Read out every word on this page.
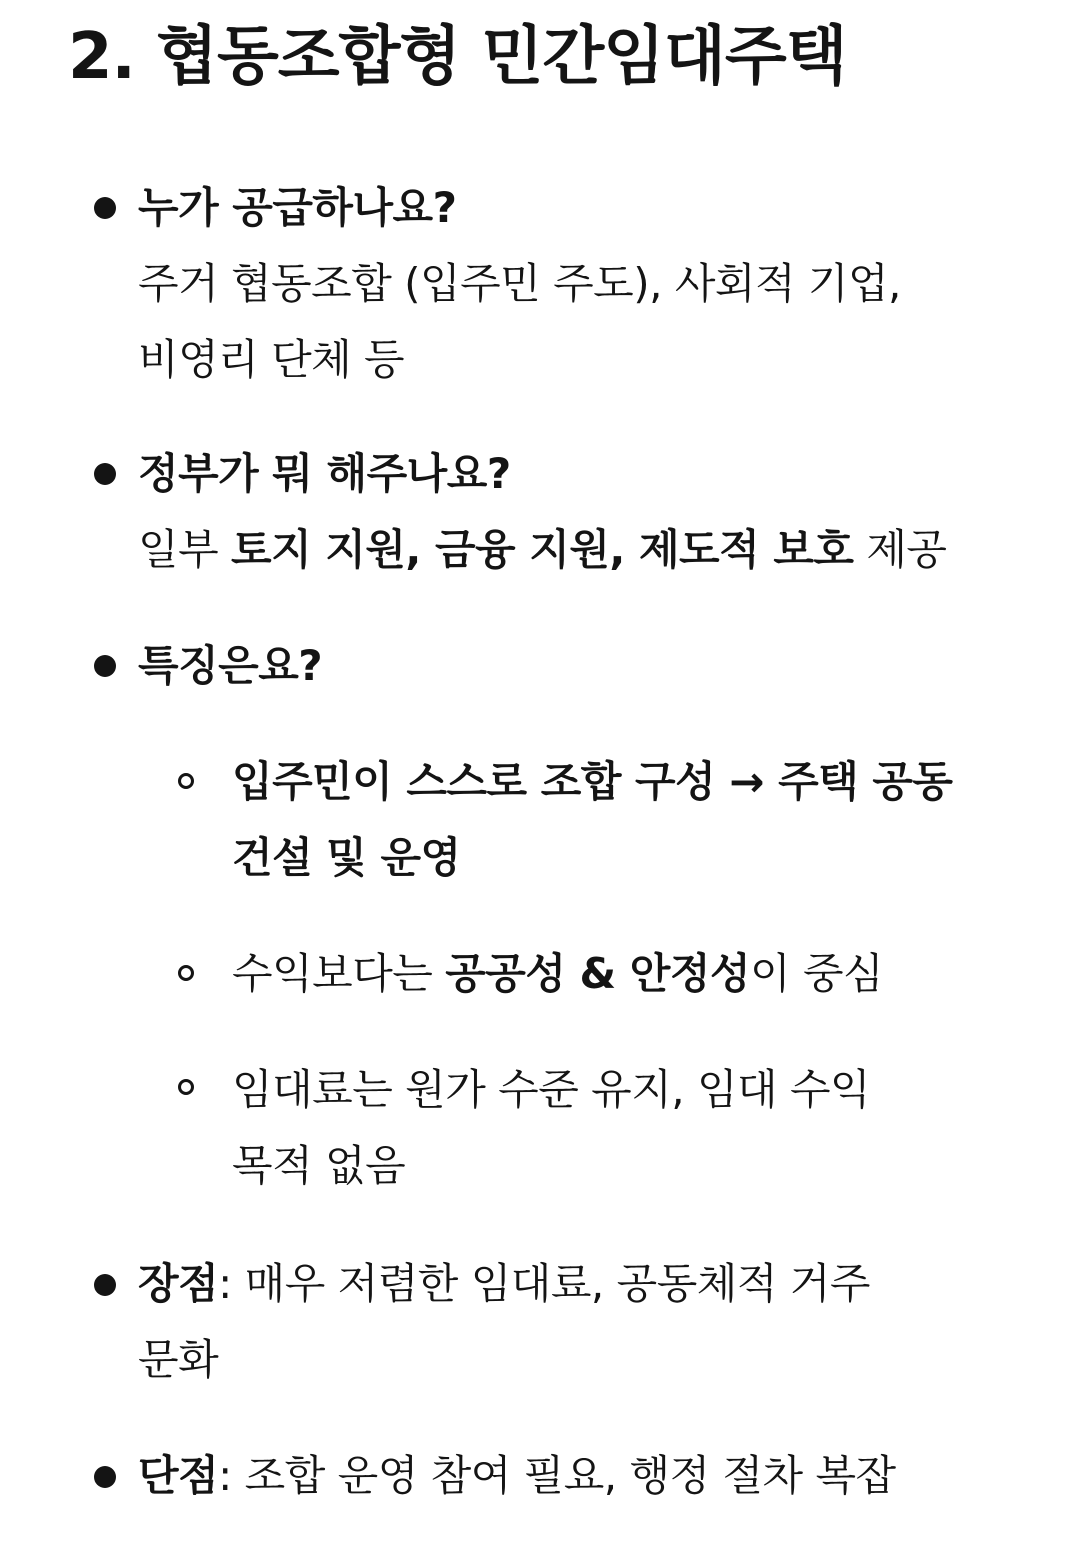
2. 협동조합형 민간임대주택

누가 공급하나요?

주거 협동조합 (입주민 주도), 사회적 기업,

비영리 단체 등

정부가 뭐 해주나요?

일부 토지 지원, 금융 지원, 제도적 보호 제공

특징은요?

입주민이 스스로 조합 구성 → 주택 공동

건설 및 운영

수익보다는 공공성 & 안정성이 중심

임대료는 원가 수준 유지, 임대 수익

목적 없음

장점: 매우 저렴한 임대료, 공동체적 거주

문화

단점: 조합 운영 참여 필요, 행정 절차 복잡
